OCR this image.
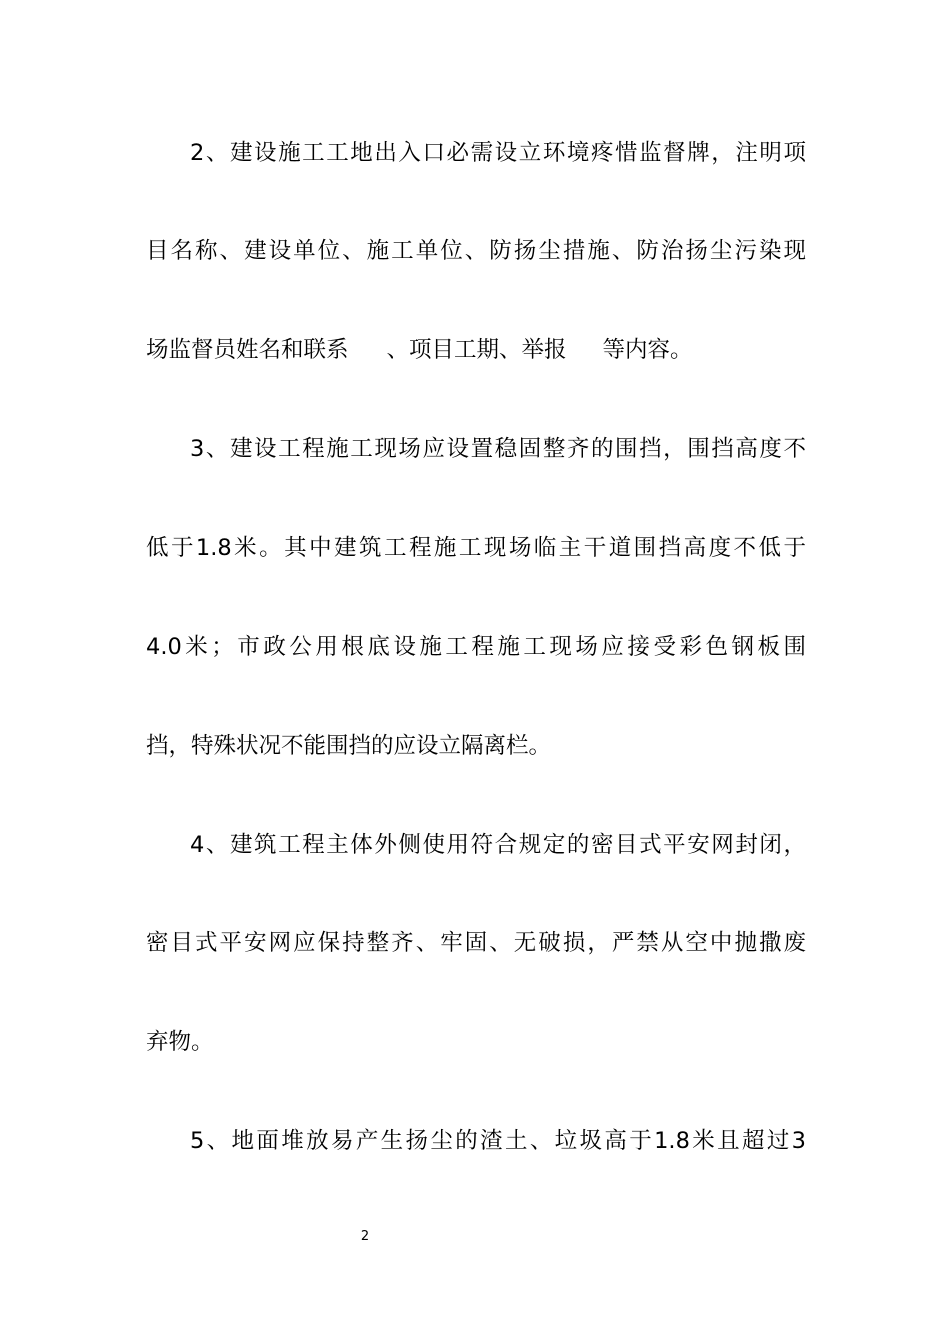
2、建设施工工地出入口必需设立环境疼惜监督牌，注明项
目名称、建设单位、施工单位、防扬尘措施、防治扬尘污染现
场监督员姓名和联系 、项目工期、举报 等内容。
3、建设工程施工现场应设置稳固整齐的围挡，围挡高度不
低于1.8米。其中建筑工程施工现场临主干道围挡高度不低于
4.0米；市政公用根底设施工程施工现场应接受彩色钢板围
挡，特殊状况不能围挡的应设立隔离栏。
4、建筑工程主体外侧使用符合规定的密目式平安网封闭，
密目式平安网应保持整齐、牢固、无破损，严禁从空中抛撒废
弃物。
5、地面堆放易产生扬尘的渣土、垃圾高于1.8米且超过3
2
